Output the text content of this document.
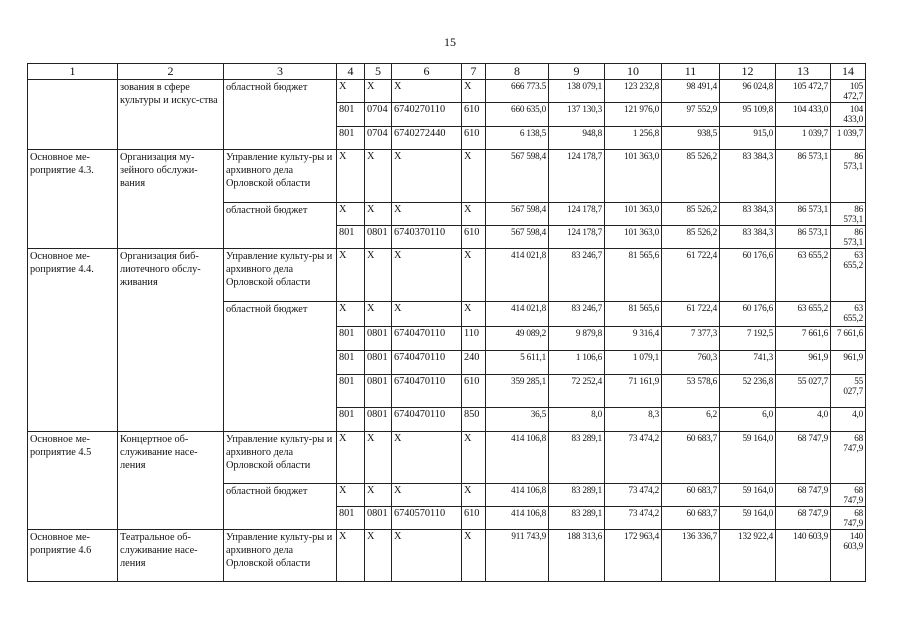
15
1	2	3	4	5	6	7	8	9	10	11	12	13	14
	зования в сфере культуры и искус-ства	областной бюджет	X	X	X	X	666 773.5	138 079,1	123 232,8	98 491,4	96 024,8	105 472,7	105 472,7
			801	0704	6740270110	610	660 635,0	137 130,3	121 976,0	97 552,9	95 109,8	104 433,0	104 433,0
			801	0704	6740272440	610	6 138,5	948,8	1 256,8	938,5	915,0	1 039,7	1 039,7
Основное ме-роприятие 4.3.	Организация му-зейного обслужи-вания	Управление культу-ры и архивного дела Орловской области	X	X	X	X	567 598,4	124 178,7	101 363,0	85 526,2	83 384,3	86 573,1	86 573,1
		областной бюджет	X	X	X	X	567 598,4	124 178,7	101 363,0	85 526,2	83 384,3	86 573,1	86 573,1
			801	0801	6740370110	610	567 598,4	124 178,7	101 363,0	85 526,2	83 384,3	86 573,1	86 573,1
Основное ме-роприятие 4.4.	Организация биб-лиотечного обслу-живания	Управление культу-ры и архивного дела Орловской области	X	X	X	X	414 021,8	83 246,7	81 565,6	61 722,4	60 176,6	63 655,2	63 655,2
		областной бюджет	X	X	X	X	414 021,8	83 246,7	81 565,6	61 722,4	60 176,6	63 655,2	63 655,2
			801	0801	6740470110	110	49 089,2	9 879,8	9 316,4	7 377,3	7 192,5	7 661,6	7 661,6
			801	0801	6740470110	240	5 611,1	1 106,6	1 079,1	760,3	741,3	961,9	961,9
			801	0801	6740470110	610	359 285,1	72 252,4	71 161,9	53 578,6	52 236,8	55 027,7	55 027,7
			801	0801	6740470110	850	36,5	8,0	8,3	6,2	6,0	4,0	4,0
Основное ме-роприятие 4.5	Концертное об-служивание насе-ления	Управление культу-ры и архивного дела Орловской области	X	X	X	X	414 106,8	83 289,1	73 474,2	60 683,7	59 164,0	68 747,9	68 747,9
		областной бюджет	X	X	X	X	414 106,8	83 289,1	73 474,2	60 683,7	59 164,0	68 747,9	68 747,9
			801	0801	6740570110	610	414 106,8	83 289,1	73 474,2	60 683,7	59 164,0	68 747,9	68 747,9
Основное ме-роприятие 4.6	Театральное об-служивание насе-ления	Управление культу-ры и архивного дела Орловской области	X	X	X	X	911 743,9	188 313,6	172 963,4	136 336,7	132 922,4	140 603,9	140 603,9
